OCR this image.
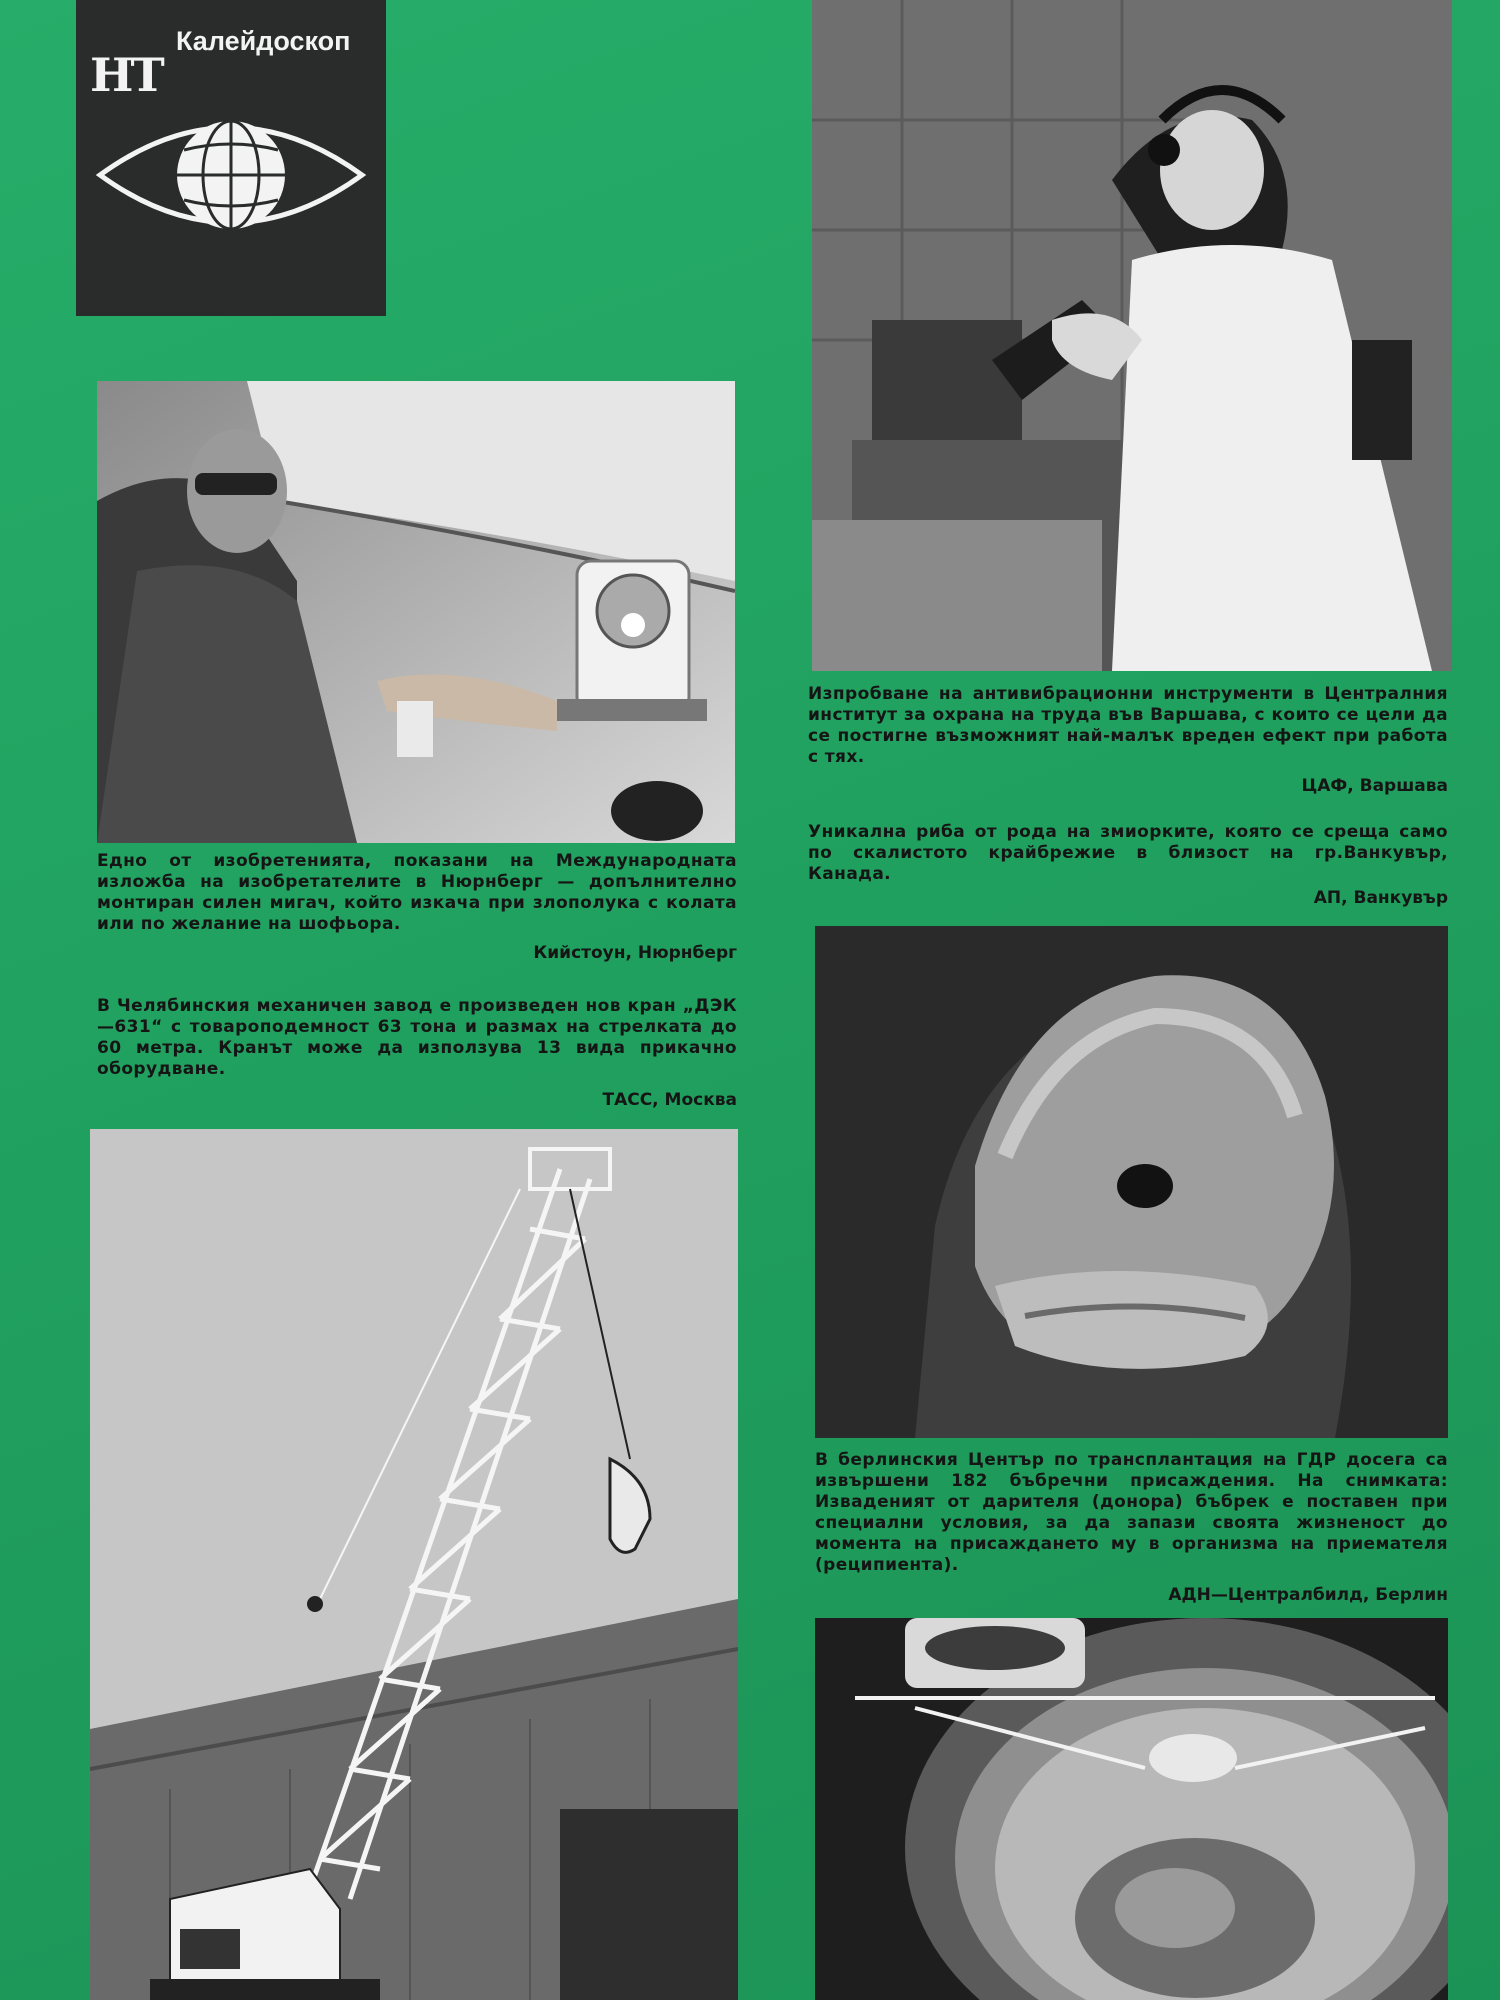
Калейдоскоп
НТ
Изпробване на антивибрационни инструменти в Централния институт за охрана на труда във Варшава, с които се цели да се постигне възможният най-малък вреден ефект при работа с тях.
ЦАФ, Варшава
Уникална риба от рода на змиорките, която се среща само по скалистото крайбрежие в близост на гр.Ванкувър, Канада.
АП, Ванкувър
Едно от изобретенията, показани на Международната изложба на изобретателите в Нюрнберг — допълнително монтиран силен мигач, който изкача при злополука с колата или по желание на шофьора.
Кийстоун, Нюрнберг
В Челябинския механичен завод е произведен нов кран „ДЭК—631“ с товароподемност 63 тона и размах на стрелката до 60 метра. Кранът може да използува 13 вида прикачно оборудване.
ТАСС, Москва
В берлинския Център по трансплантация на ГДР досега са извършени 182 бъбречни присаждения. На снимката: Извадeният от дарителя (донора) бъбрек е поставен при специални условия, за да запази своята жизненост до момента на присаждането му в организма на приемателя (реципиента).
АДН—Централбилд, Берлин
